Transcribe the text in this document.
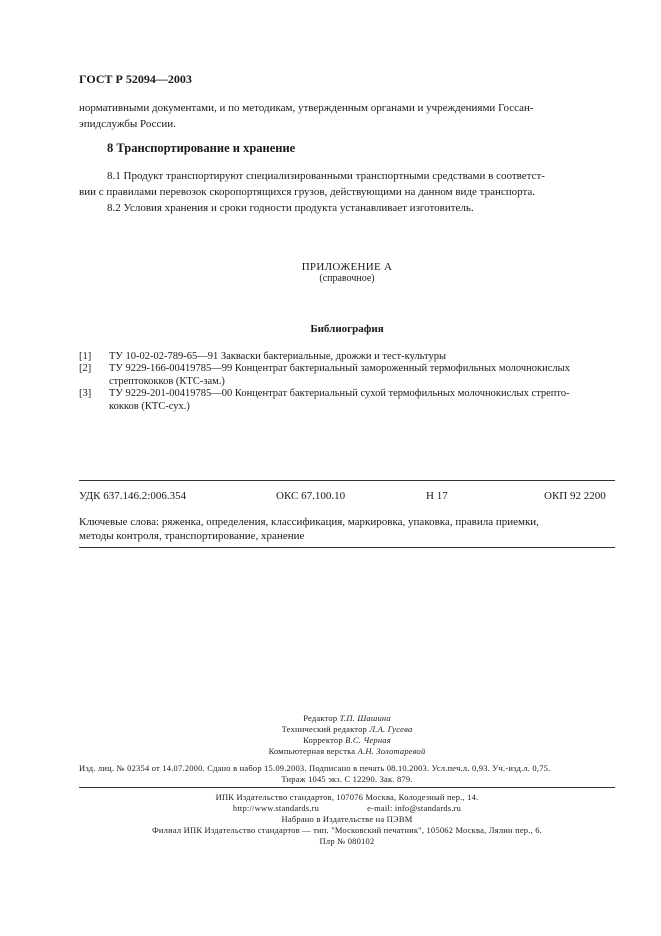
ГОСТ Р 52094—2003
нормативными документами, и по методикам, утвержденным органами и учреждениями Госсан-
эпидслужбы России.
8 Транспортирование и хранение
8.1 Продукт транспортируют специализированными транспортными средствами в соответст-
вии с правилами перевозок скоропортящихся грузов, действующими на данном виде транспорта.
8.2 Условия хранения и сроки годности продукта устанавливает изготовитель.
ПРИЛОЖЕНИЕ А
(справочное)
Библиография
[1] ТУ 10-02-02-789-65—91 Закваски бактериальные, дрожжи и тест-культуры
[2] ТУ 9229-166-00419785—99 Концентрат бактериальный замороженный термофильных молочнокислых
стрептококков (КТС-зам.)
[3] ТУ 9229-201-00419785—00 Концентрат бактериальный сухой термофильных молочнокислых стрепто-
кокков (КТС-сух.)
УДК 637.146.2:006.354	ОКС 67.100.10	Н 17	ОКП 92 2200
Ключевые слова: ряженка, определения, классификация, маркировка, упаковка, правила приемки,
методы контроля, транспортирование, хранение
Редактор Т.П. Шашина
Технический редактор Л.А. Гусева
Корректор В.С. Черная
Компьютерная верстка А.Н. Золотаревой
Изд. лиц. № 02354 от 14.07.2000. Сдано в набор 15.09.2003. Подписано в печать 08.10.2003. Усл.печ.л. 0,93. Уч.-изд.л. 0,75.
Тираж 1045 экз. С 12290. Зак. 879.
ИПК Издательство стандартов, 107076 Москва, Колодезный пер., 14.
http://www.standards.ru	e-mail: info@standards.ru
Набрано в Издательстве на ПЭВМ
Филиал ИПК Издательство стандартов — тип. "Московский печатник", 105062 Москва, Лялин пер., 6.
Плр № 080102
